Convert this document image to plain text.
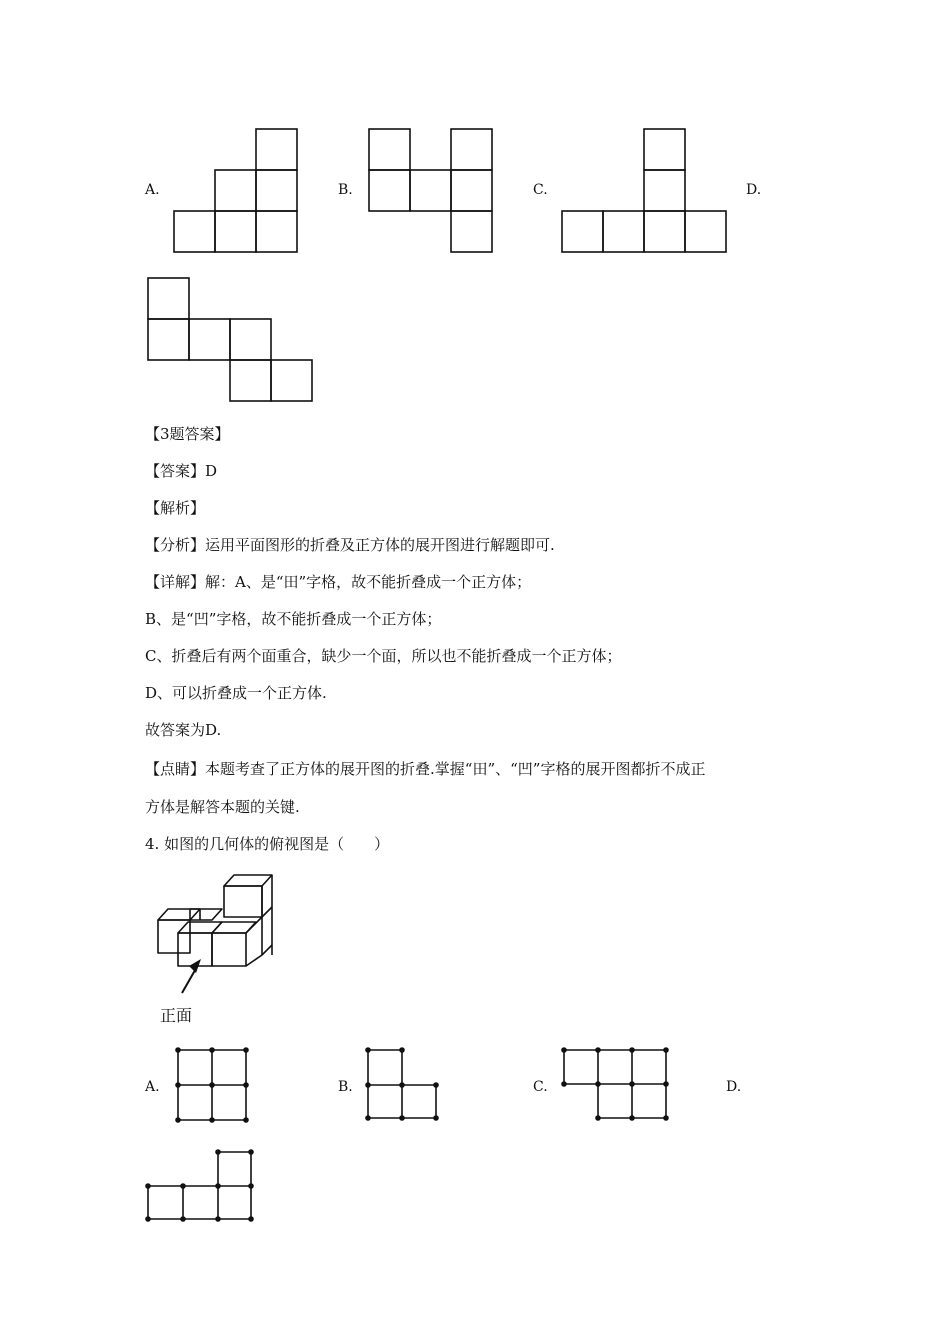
A.	B.	C.	D.
【3题答案】
【答案】D
【解析】
【分析】运用平面图形的折叠及正方体的展开图进行解题即可.
【详解】解：A、是“田”字格，故不能折叠成一个正方体；
B、是“凹”字格，故不能折叠成一个正方体；
C、折叠后有两个面重合，缺少一个面，所以也不能折叠成一个正方体；
D、可以折叠成一个正方体.
故答案为D.
【点睛】本题考查了正方体的展开图的折叠.掌握“田”、“凹”字格的展开图都折不成正
方体是解答本题的关键.
4. 如图的几何体的俯视图是（　　）
正面
A.	B.	C.	D.
